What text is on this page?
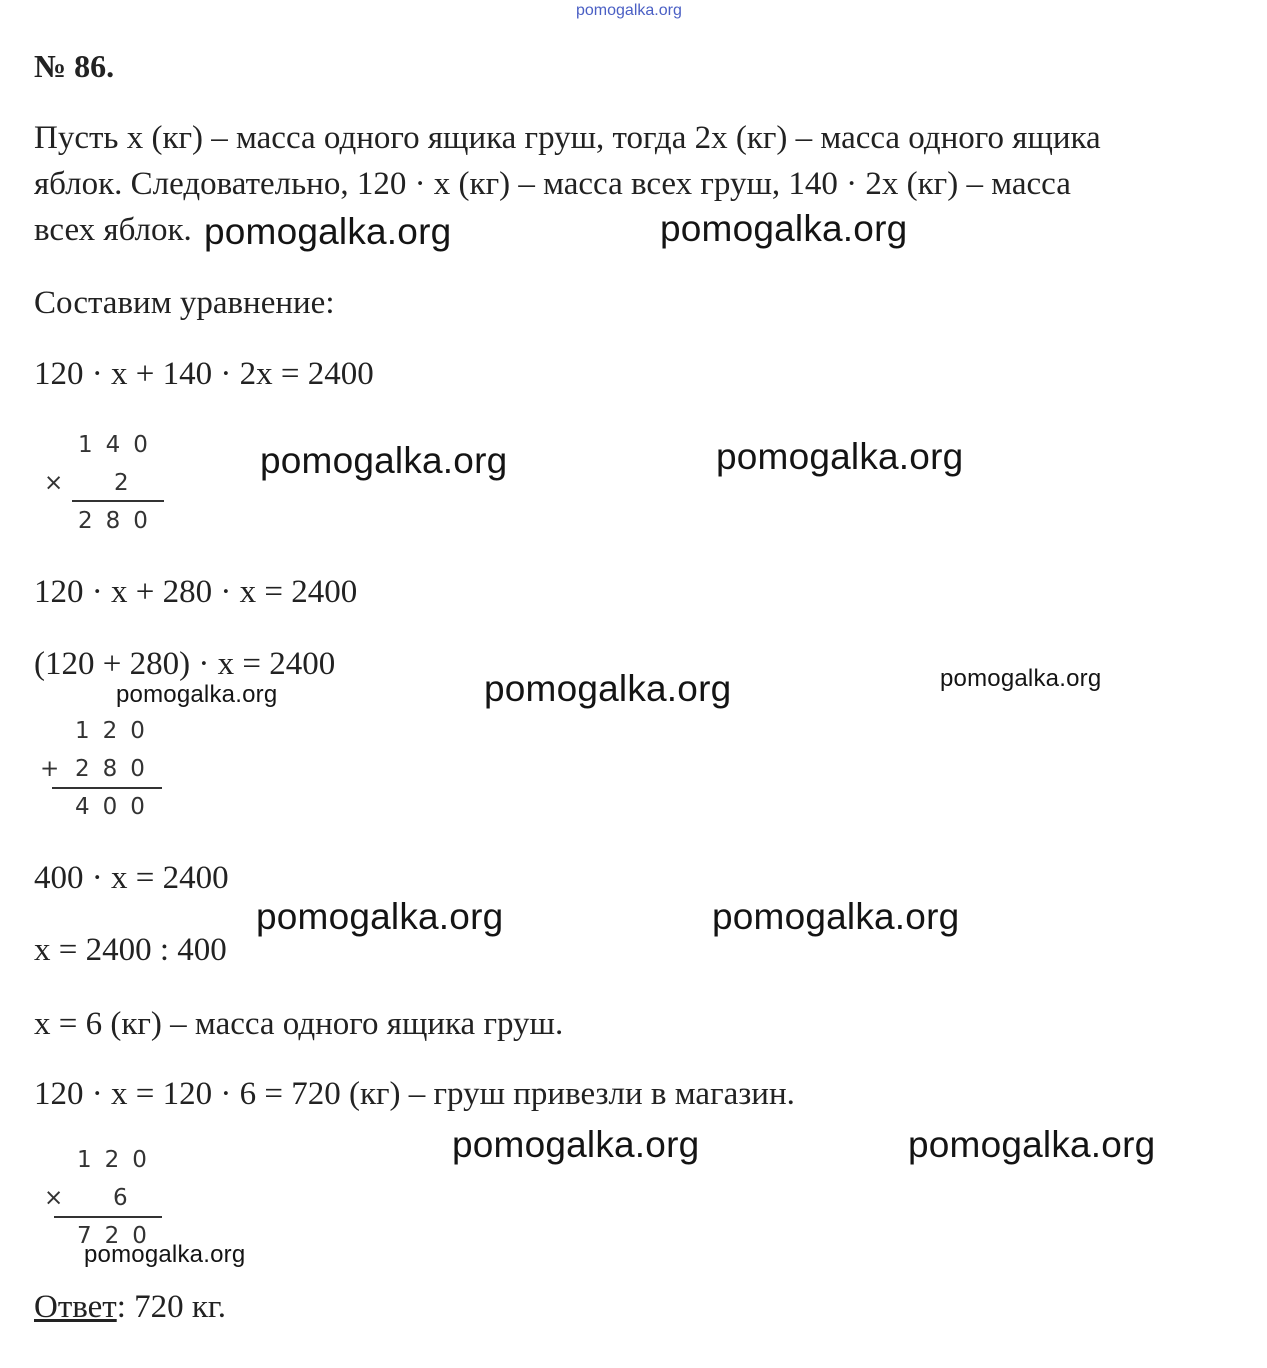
pomogalka.org
№ 86.
Пусть х (кг) – масса одного ящика груш, тогда 2х (кг) – масса одного ящика
яблок. Следовательно, 120 · х (кг) – масса всех груш, 140 · 2х (кг) – масса
всех яблок.
Составим уравнение:
120 · х + 140 · 2х = 2400
140
× 2
280
120 · х + 280 · х = 2400
(120 + 280) · х = 2400
120
+ 280
400
400 · х = 2400
х = 2400 : 400
х = 6 (кг) – масса одного ящика груш.
120 · х = 120 · 6 = 720 (кг) – груш привезли в магазин.
120
× 6
720
Ответ: 720 кг.
pomogalka.org	pomogalka.org
pomogalka.org	pomogalka.org
pomogalka.org	pomogalka.org	pomogalka.org
pomogalka.org	pomogalka.org
pomogalka.org	pomogalka.org
pomogalka.org
